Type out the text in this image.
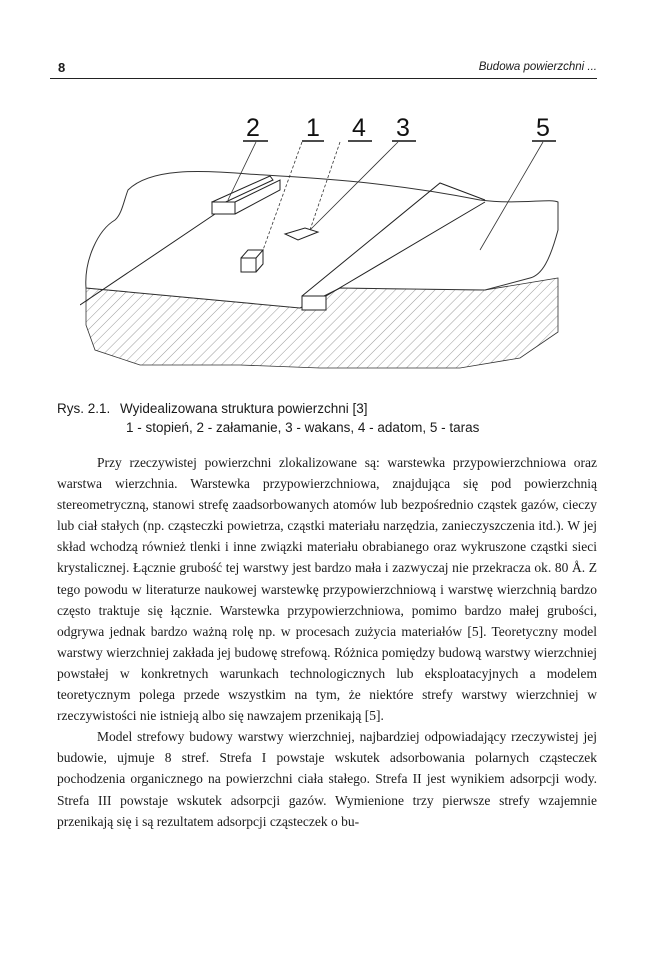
8	Budowa powierzchni ...
2 1 4 3	5
Rys. 2.1. Wyidealizowana struktura powierzchni [3]
1 - stopień, 2 - załamanie, 3 - wakans, 4 - adatom, 5 - taras

Przy rzeczywistej powierzchni zlokalizowane są: warstewka przypowierzchniowa oraz warstwa wierzchnia. Warstewka przypowierzchniowa, znajdująca się pod powierzchnią stereometryczną, stanowi strefę zaadsorbowanych atomów lub bezpośrednio cząstek gazów, cieczy lub ciał stałych (np. cząsteczki powietrza, cząstki materiału narzędzia, zanieczyszczenia itd.). W jej skład wchodzą również tlenki i inne związki materiału obrabianego oraz wykruszone cząstki sieci krystalicznej. Łącznie grubość tej warstwy jest bardzo mała i zazwyczaj nie przekracza ok. 80 Å. Z tego powodu w literaturze naukowej warstewkę przypowierzchniową i warstwę wierzchnią bardzo często traktuje się łącznie. Warstewka przypowierzchniowa, pomimo bardzo małej grubości, odgrywa jednak bardzo ważną rolę np. w procesach zużycia materiałów [5]. Teoretyczny model warstwy wierzchniej zakłada jej budowę strefową. Różnica pomiędzy budową warstwy wierzchniej powstałej w konkretnych warunkach technologicznych lub eksploatacyjnych a modelem teoretycznym polega przede wszystkim na tym, że niektóre strefy warstwy wierzchniej w rzeczywistości nie istnieją albo się nawzajem przenikają [5].

Model strefowy budowy warstwy wierzchniej, najbardziej odpowiadający rzeczywistej jej budowie, ujmuje 8 stref. Strefa I powstaje wskutek adsorbowania polarnych cząsteczek pochodzenia organicznego na powierzchni ciała stałego. Strefa II jest wynikiem adsorpcji wody. Strefa III powstaje wskutek adsorpcji gazów. Wymienione trzy pierwsze strefy wzajemnie przenikają się i są rezultatem adsorpcji cząsteczek o bu-
